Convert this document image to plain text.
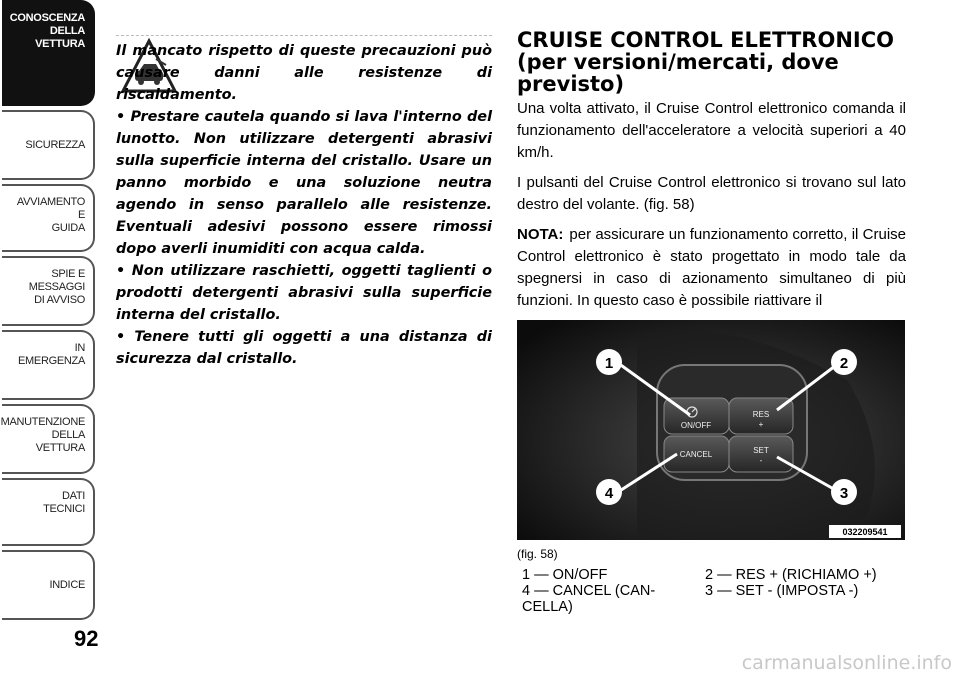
CONOSCENZA
DELLA
VETTURA
SICUREZZA
AVVIAMENTO
E
GUIDA
SPIE E
MESSAGGI
DI AVVISO
IN
EMERGENZA
MANUTENZIONE
DELLA
VETTURA
DATI
TECNICI
INDICE
92

Il mancato rispetto di queste precauzioni può causare danni alle resistenze di riscaldamento.

• Prestare cautela quando si lava l'interno del lunotto. Non utilizzare detergenti abrasivi sulla superficie interna del cristallo. Usare un panno morbido e una soluzione neutra agendo in senso parallelo alle resistenze. Eventuali adesivi possono essere rimossi dopo averli inumiditi con acqua calda.

• Non utilizzare raschietti, oggetti taglienti o prodotti detergenti abrasivi sulla superficie interna del cristallo.

• Tenere tutti gli oggetti a una distanza di sicurezza dal cristallo.

CRUISE CONTROL ELETTRONICO (per versioni/mercati, dove previsto)

Una volta attivato, il Cruise Control elettronico comanda il funzionamento dell'acceleratore a velocità superiori a 40 km/h.

I pulsanti del Cruise Control elettronico si trovano sul lato destro del volante. (fig. 58)

NOTA: per assicurare un funzionamento corretto, il Cruise Control elettronico è stato progettato in modo tale da spegnersi in caso di azionamento simultaneo di più funzioni. In questo caso è possibile riattivare il

ON/OFF
RES
+
CANCEL	SET
-
1	2
3
4
032209541
(fig. 58)
1 — ON/OFF	2 — RES + (RICHIAMO +)
4 — CANCEL (CAN-
CELLA)
3 — SET - (IMPOSTA -)
carmanualsonline.info
